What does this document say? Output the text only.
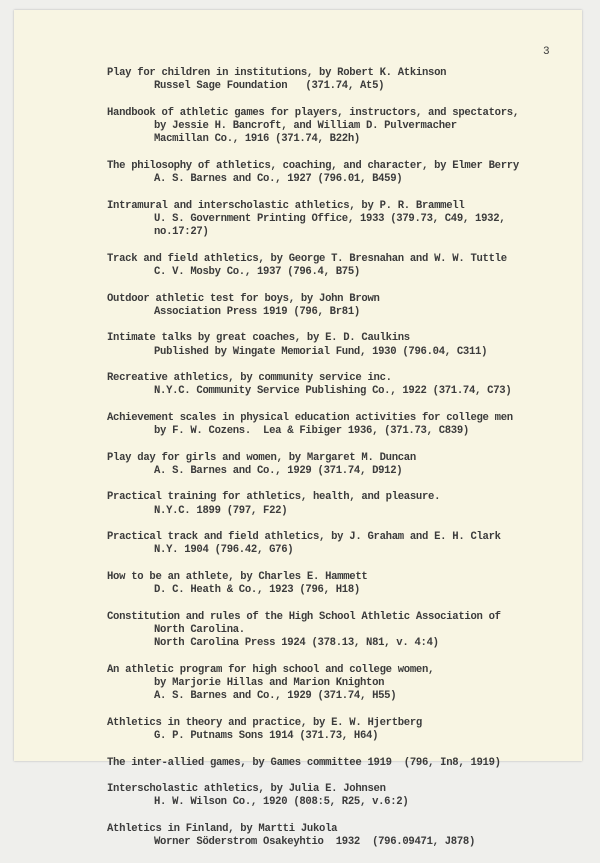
3
Play for children in institutions, by Robert K. Atkinson
Russel Sage Foundation   (371.74, At5)
Handbook of athletic games for players, instructors, and spectators,
by Jessie H. Bancroft, and William D. Pulvermacher
Macmillan Co., 1916 (371.74, B22h)
The philosophy of athletics, coaching, and character, by Elmer Berry
A. S. Barnes and Co., 1927 (796.01, B459)
Intramural and interscholastic athletics, by P. R. Brammell
U. S. Government Printing Office, 1933 (379.73, C49, 1932,
no.17:27)
Track and field athletics, by George T. Bresnahan and W. W. Tuttle
C. V. Mosby Co., 1937 (796.4, B75)
Outdoor athletic test for boys, by John Brown
Association Press 1919 (796, Br81)
Intimate talks by great coaches, by E. D. Caulkins
Published by Wingate Memorial Fund, 1930 (796.04, C311)
Recreative athletics, by community service inc.
N.Y.C. Community Service Publishing Co., 1922 (371.74, C73)
Achievement scales in physical education activities for college men
by F. W. Cozens.  Lea & Fibiger 1936, (371.73, C839)
Play day for girls and women, by Margaret M. Duncan
A. S. Barnes and Co., 1929 (371.74, D912)
Practical training for athletics, health, and pleasure.
N.Y.C. 1899 (797, F22)
Practical track and field athletics, by J. Graham and E. H. Clark
N.Y. 1904 (796.42, G76)
How to be an athlete, by Charles E. Hammett
D. C. Heath & Co., 1923 (796, H18)
Constitution and rules of the High School Athletic Association of
North Carolina.
North Carolina Press 1924 (378.13, N81, v. 4:4)
An athletic program for high school and college women,
by Marjorie Hillas and Marion Knighton
A. S. Barnes and Co., 1929 (371.74, H55)
Athletics in theory and practice, by E. W. Hjertberg
G. P. Putnams Sons 1914 (371.73, H64)
The inter-allied games, by Games committee 1919  (796, In8, 1919)
Interscholastic athletics, by Julia E. Johnsen
H. W. Wilson Co., 1920 (808:5, R25, v.6:2)
Athletics in Finland, by Martti Jukola
Worner Söderstrom Osakeyhtio  1932  (796.09471, J878)
